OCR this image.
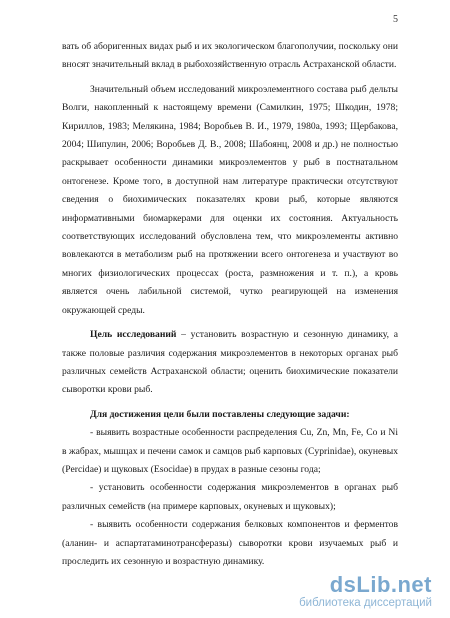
5

вать об аборигенных видах рыб и их экологическом благополучии, поскольку они вносят значительный вклад в рыбохозяйственную отрасль Астраханской области.

Значительный объем исследований микроэлементного состава рыб дельты Волги, накопленный к настоящему времени (Самилкин, 1975; Шкодин, 1978; Кириллов, 1983; Мелякина, 1984; Воробьев В. И., 1979, 1980а, 1993; Щербакова, 2004; Шипулин, 2006; Воробьев Д. В., 2008; Шабоянц, 2008 и др.) не полностью раскрывает особенности динамики микроэлементов у рыб в постнатальном онтогенезе. Кроме того, в доступной нам литературе практически отсутствуют сведения о биохимических показателях крови рыб, которые являются информативными биомаркерами для оценки их состояния. Актуальность соответствующих исследований обусловлена тем, что микроэлементы активно вовлекаются в метаболизм рыб на протяжении всего онтогенеза и участвуют во многих физиологических процессах (роста, размножения и т. п.), а кровь является очень лабильной системой, чутко реагирующей на изменения окружающей среды.

Цель исследований – установить возрастную и сезонную динамику, а также половые различия содержания микроэлементов в некоторых органах рыб различных семейств Астраханской области; оценить биохимические показатели сыворотки крови рыб.

Для достижения цели были поставлены следующие задачи:

- выявить возрастные особенности распределения Cu, Zn, Mn, Fe, Co и Ni в жабрах, мышцах и печени самок и самцов рыб карповых (Cyprinidae), окуневых (Percidae) и щуковых (Esocidae) в прудах в разные сезоны года;

- установить особенности содержания микроэлементов в органах рыб различных семейств (на примере карповых, окуневых и щуковых);

- выявить особенности содержания белковых компонентов и ферментов (аланин- и аспартатаминотрансферазы) сыворотки крови изучаемых рыб и проследить их сезонную и возрастную динамику.

dsLib.net
библиотека диссертаций
